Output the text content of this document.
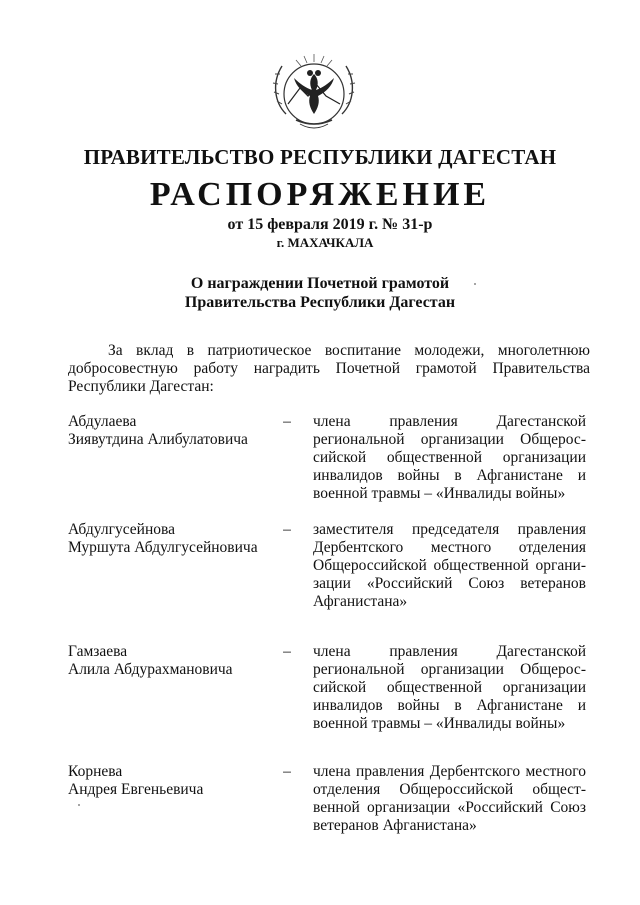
ПРАВИТЕЛЬСТВО РЕСПУБЛИКИ ДАГЕСТАН
РАСПОРЯЖЕНИЕ
от 15 февраля 2019 г. № 31-р
г. МАХАЧКАЛА
О награждении Почетной грамотой
Правительства Республики Дагестан
За вклад в патриотическое воспитание молодежи, многолетнюю добросовестную работу наградить Почетной грамотой Правительства Республики Дагестан:
Абдулаева
Зиявутдина Алибулатовича
– члена правления Дагестанской региональной организации Общероссийской общественной организации инвалидов войны в Афганистане и военной травмы – «Инвалиды войны»
Абдулгусейнова
Муршута Абдулгусейновича
– заместителя председателя правления Дербентского местного отделения Общероссийской общественной организации «Российский Союз ветеранов Афганистана»
Гамзаева
Алила Абдурахмановича
– члена правления Дагестанской региональной организации Общероссийской общественной организации инвалидов войны в Афганистане и военной травмы – «Инвалиды войны»
Корнева
Андрея Евгеньевича
– члена правления Дербентского местного отделения Общероссийской общественной организации «Российский Союз ветеранов Афганистана»
